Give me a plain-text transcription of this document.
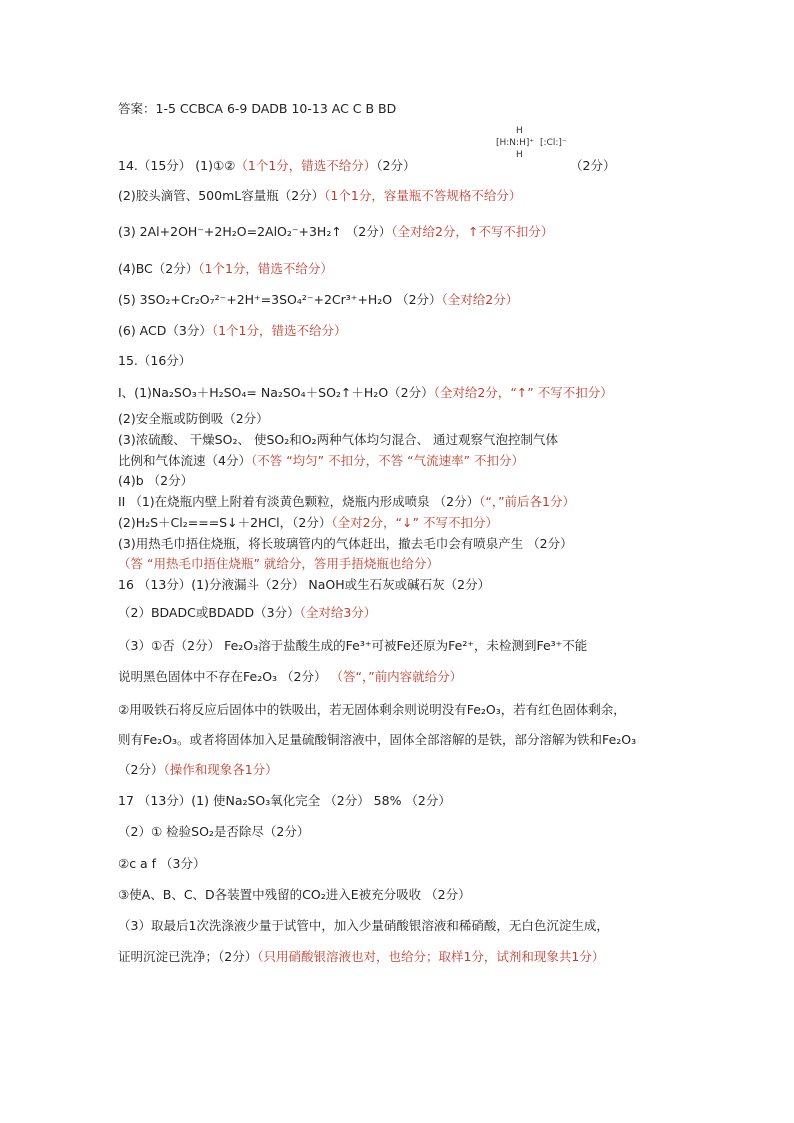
答案：1-5 CCBCA 6-9 DADB 10-13 AC C B BD
14.（15分） (1)①②（1个1分，错选不给分）（2分）
(2)胶头滴管、500mL容量瓶（2分）（1个1分，容量瓶不答规格不给分）
(3) 2Al+2OH⁻+2H₂O=2AlO₂⁻+3H₂↑ （2分）（全对给2分，↑不写不扣分）
(4)BC（2分）（1个1分，错选不给分）
(5) 3SO₂+Cr₂O₇²⁻+2H⁺=3SO₄²⁻+2Cr³⁺+H₂O （2分）（全对给2分）
(6) ACD（3分）（1个1分，错选不给分）
15.（16分）
I、(1)Na₂SO₃＋H₂SO₄= Na₂SO₄＋SO₂↑＋H₂O（2分）（全对给2分，“↑” 不写不扣分）
(2)安全瓶或防倒吸（2分）
(3)浓硫酸、 干燥SO₂、 使SO₂和O₂两种气体均匀混合、 通过观察气泡控制气体
比例和气体流速（4分）（不答 “均匀” 不扣分，不答 “气流速率” 不扣分）
(4)b （2分）
II （1)在烧瓶内壁上附着有淡黄色颗粒，烧瓶内形成喷泉 （2分）（“，”前后各1分）
(2)H₂S＋Cl₂===S↓＋2HCl，（2分）（全对2分，“↓” 不写不扣分）
(3)用热毛巾捂住烧瓶，将长玻璃管内的气体赶出，撤去毛巾会有喷泉产生 （2分）
（答 “用热毛巾捂住烧瓶” 就给分，答用手捂烧瓶也给分）
16 （13分）(1)分液漏斗（2分） NaOH或生石灰或碱石灰（2分）
（2）BDADC或BDADD（3分）（全对给3分）
（3）①否（2分） Fe₂O₃溶于盐酸生成的Fe³⁺可被Fe还原为Fe²⁺，未检测到Fe³⁺不能
说明黑色固体中不存在Fe₂O₃ （2分） （答“，”前内容就给分）
②用吸铁石将反应后固体中的铁吸出，若无固体剩余则说明没有Fe₂O₃，若有红色固体剩余，
则有Fe₂O₃。或者将固体加入足量硫酸铜溶液中，固体全部溶解的是铁，部分溶解为铁和Fe₂O₃
（2分）（操作和现象各1分）
17 （13分）(1) 使Na₂SO₃氧化完全 （2分） 58% （2分）
（2）① 检验SO₂是否除尽（2分）
②c a f （3分）
③使A、B、C、D各装置中残留的CO₂进入E被充分吸收 （2分）
（3）取最后1次洗涤液少量于试管中，加入少量硝酸银溶液和稀硝酸，无白色沉淀生成，
证明沉淀已洗净；（2分）（只用硝酸银溶液也对，也给分；取样1分，试剂和现象共1分）
H
[H:N:H]⁺ [:Cl:]⁻
H
（2分）
